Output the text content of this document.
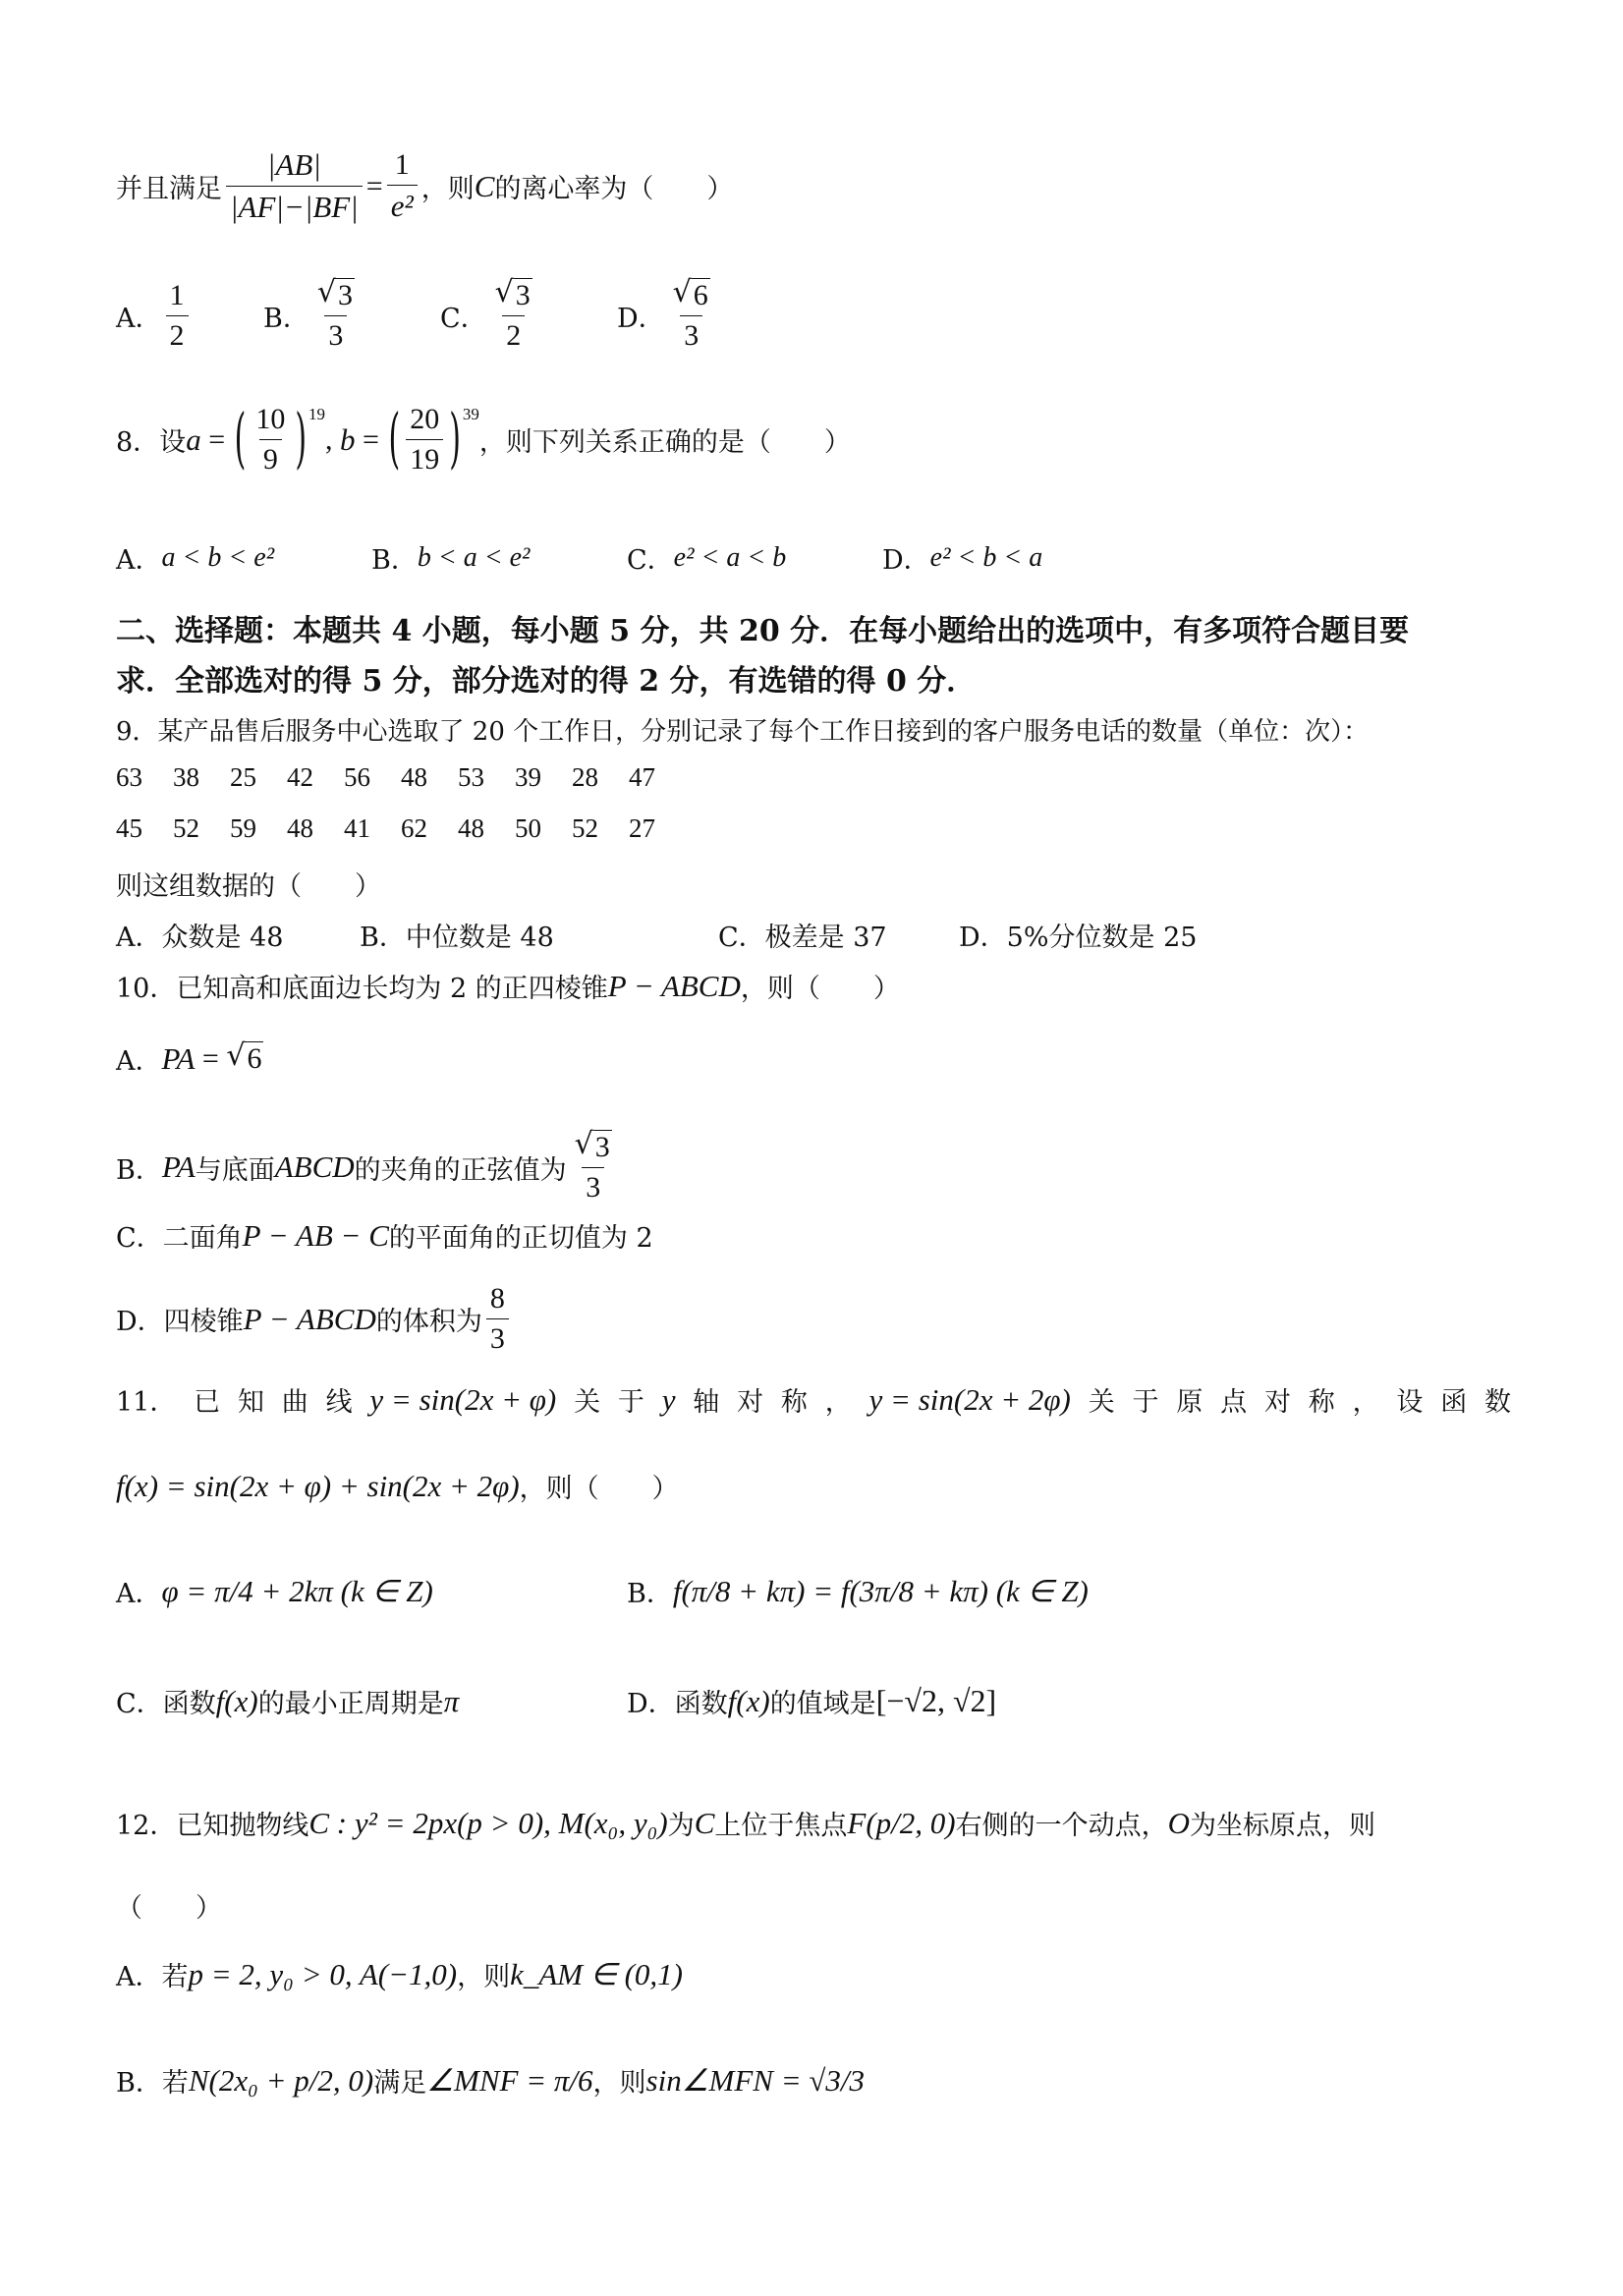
并且满足 $\frac{|AB|}{|AF|-|BF|} = \frac{1}{\text{e²}}$ ，则 C 的离心率为（　　）
A． $\frac{1}{2}$	B． $\frac{√ 3}{3}$	C． $\frac{√ 3}{2}$	D． $\frac{√ 6}{3}$
8．设 a = ( $\frac{10}{9} )^{19}$
, b = ( $\frac{20}{19} )^{39}$
，则下列关系正确的是（　　）
A． a < b < e²	B． b < a < e²	C． e² < a < b	D． e² < b < a
二、选择题：本题共 4 小题，每小题 5 分，共 20 分．在每小题给出的选项中，有多项符合题目要
求．全部选对的得 5 分，部分选对的得 2 分，有选错的得 0 分．
9．某产品售后服务中心选取了 20 个工作日，分别记录了每个工作日接到的客户服务电话的数量（单位：次）：
63	38	25	42	56	48	53	39	28	47
45	52	59	48	41	62	48	50	52	27
则这组数据的（　　）
A． 众数是 48	B． 中位数是 48	C． 极差是 37	D． 5%分位数是 25
10．已知高和底面边长均为 2 的正四棱锥 P − ABCD ，则（　　）
A． PA = √ 6
B． PA 与底面 ABCD 的夹角的正弦值为 $\frac{√ 3}{3}$
C． 二面角 P − AB − C 的平面角的正切值为 2
D． 四棱锥 P − ABCD 的体积为 $\frac{8}{3}$
11． 已 知 曲 线 y = sin(2x + φ) 关 于 y 轴 对 称 ， y = sin(2x + 2φ) 关 于 原 点 对 称 ， 设 函 数
f(x) = sin(2x + φ) + sin(2x + 2φ) ，则（　　）
A． φ = π/4 + 2kπ (k ∈ Z)	B． f(π/8 + kπ) = f(3π/8 + kπ) (k ∈ Z)
C． 函数 f(x) 的最小正周期是 π	D． 函数 f(x) 的值域是 [−√2, √2]
12．已知抛物线 C : y² = 2px(p > 0), M(x₀, y₀) 为 C 上位于焦点 F(p/2, 0) 右侧的一个动点， O 为坐标原点，则
（　　）
A． 若 p = 2, y₀ > 0, A(−1,0) ，则 k_AM ∈ (0,1)
B． 若 N(2x₀ + p/2, 0) 满足 ∠MNF = π/6 ，则 sin∠MFN = √3/3
